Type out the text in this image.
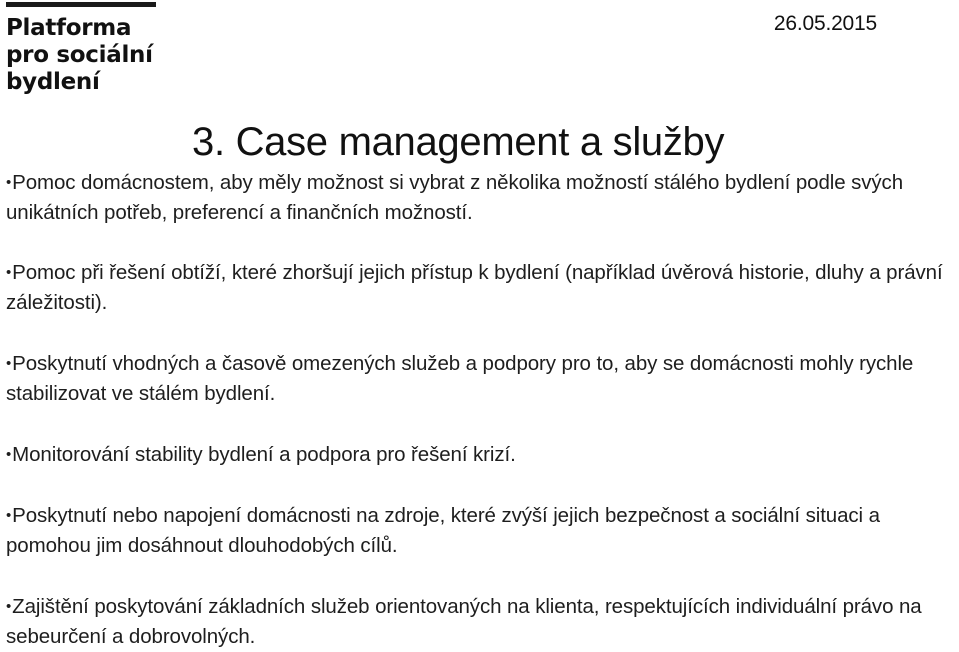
Platforma
pro sociální
bydlení
26.05.2015
3. Case management a služby
• Pomoc domácnostem, aby měly možnost si vybrat z několika možností stálého bydlení podle svých unikátních potřeb, preferencí a finančních možností.
• Pomoc při řešení obtíží, které zhoršují jejich přístup k bydlení (například úvěrová historie, dluhy a právní záležitosti).
• Poskytnutí vhodných a časově omezených služeb a podpory pro to, aby se domácnosti mohly rychle stabilizovat ve stálém bydlení.
• Monitorování stability bydlení a podpora pro řešení krizí.
• Poskytnutí nebo napojení domácnosti na zdroje, které zvýší jejich bezpečnost a sociální situaci a pomohou jim dosáhnout dlouhodobých cílů.
• Zajištění poskytování základních služeb orientovaných na klienta, respektujících individuální právo na sebeurčení a dobrovolných.
